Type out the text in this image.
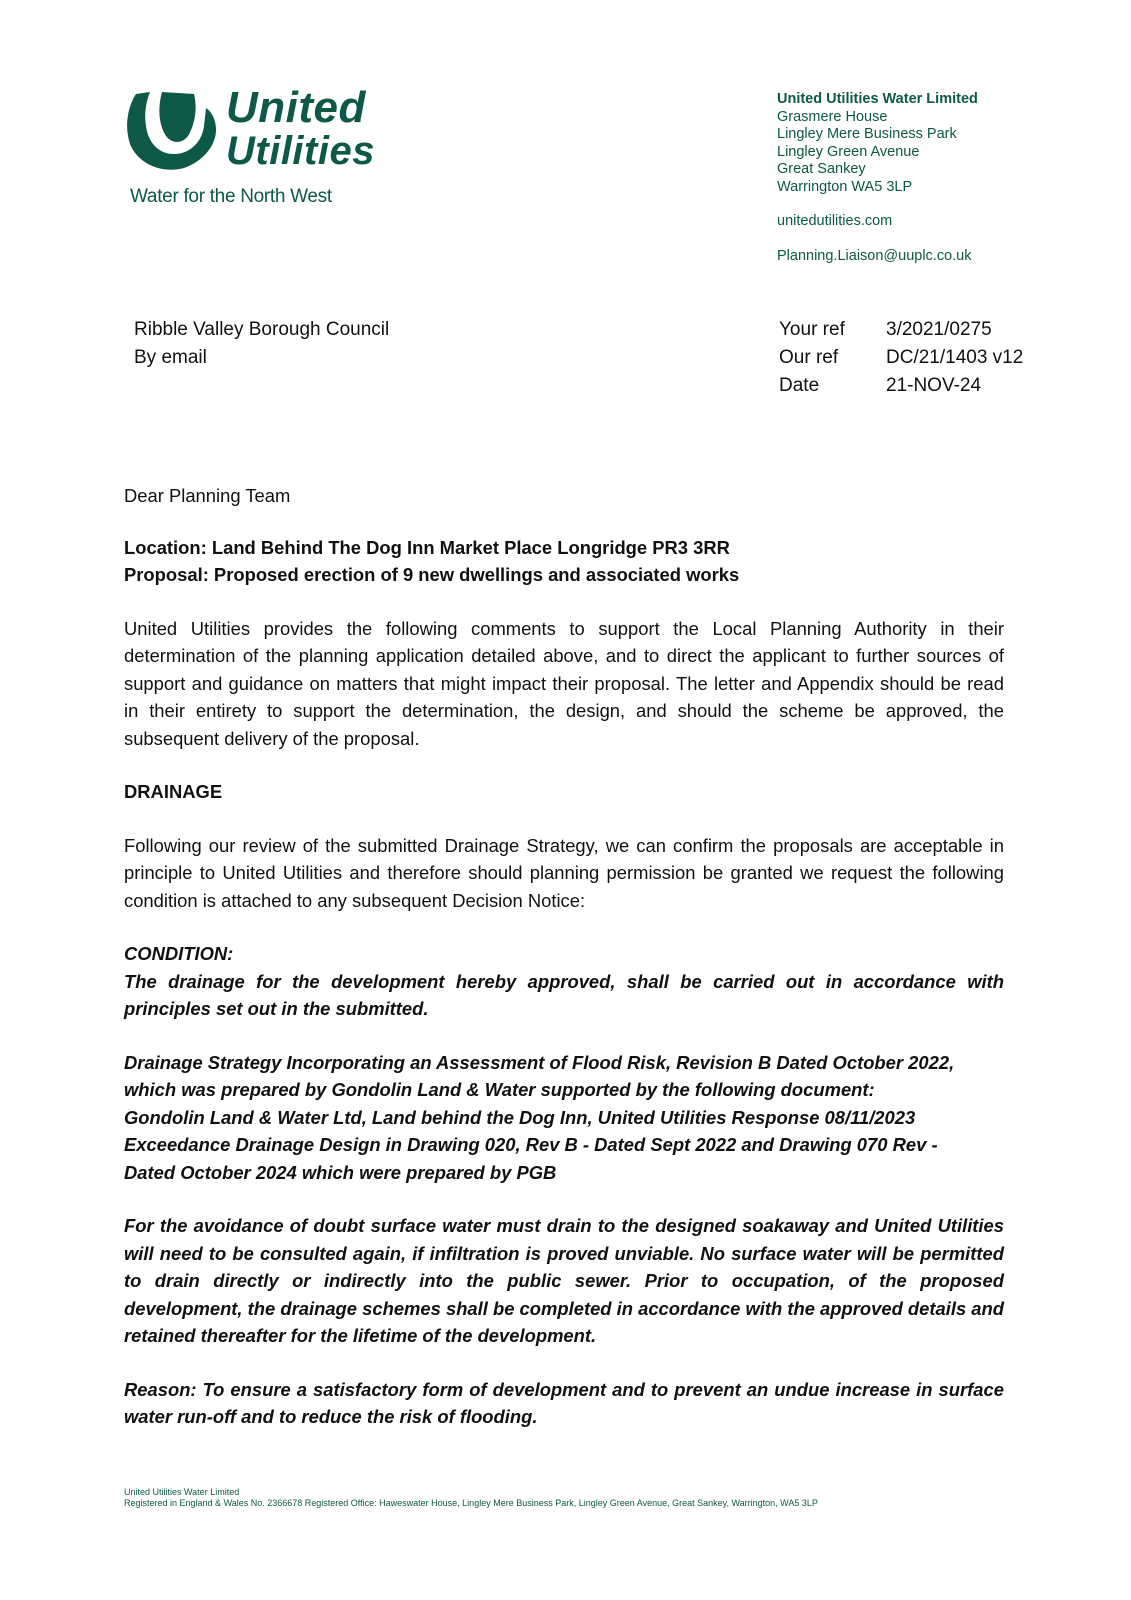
United
Utilities
Water for the North West
United Utilities Water Limited
Grasmere House
Lingley Mere Business Park
Lingley Green Avenue
Great Sankey
Warrington WA5 3LP
unitedutilities.com
Planning.Liaison@uuplc.co.uk
Ribble Valley Borough Council
By email
Your ref	3/2021/0275
Our ref	DC/21/1403 v12
Date	21-NOV-24

Dear Planning Team

Location: Land Behind The Dog Inn Market Place Longridge PR3 3RR

Proposal: Proposed erection of 9 new dwellings and associated works

United Utilities provides the following comments to support the Local Planning Authority in their determination of the planning application detailed above, and to direct the applicant to further sources of support and guidance on matters that might impact their proposal. The letter and Appendix should be read in their entirety to support the determination, the design, and should the scheme be approved, the subsequent delivery of the proposal.

DRAINAGE

Following our review of the submitted Drainage Strategy, we can confirm the proposals are acceptable in principle to United Utilities and therefore should planning permission be granted we request the following condition is attached to any subsequent Decision Notice:

CONDITION:

The drainage for the development hereby approved, shall be carried out in accordance with principles set out in the submitted.

Drainage Strategy Incorporating an Assessment of Flood Risk, Revision B Dated October 2022,

which was prepared by Gondolin Land & Water supported by the following document:

Gondolin Land & Water Ltd, Land behind the Dog Inn, United Utilities Response 08/11/2023

Exceedance Drainage Design in Drawing 020, Rev B - Dated Sept 2022 and Drawing 070 Rev -

Dated October 2024 which were prepared by PGB

For the avoidance of doubt surface water must drain to the designed soakaway and United Utilities will need to be consulted again, if infiltration is proved unviable. No surface water will be permitted to drain directly or indirectly into the public sewer. Prior to occupation, of the proposed development, the drainage schemes shall be completed in accordance with the approved details and retained thereafter for the lifetime of the development.

Reason: To ensure a satisfactory form of development and to prevent an undue increase in surface water run-off and to reduce the risk of flooding.

United Utilities Water Limited
Registered in England & Wales No. 2366678 Registered Office: Haweswater House, Lingley Mere Business Park, Lingley Green Avenue, Great Sankey, Warrington, WA5 3LP
